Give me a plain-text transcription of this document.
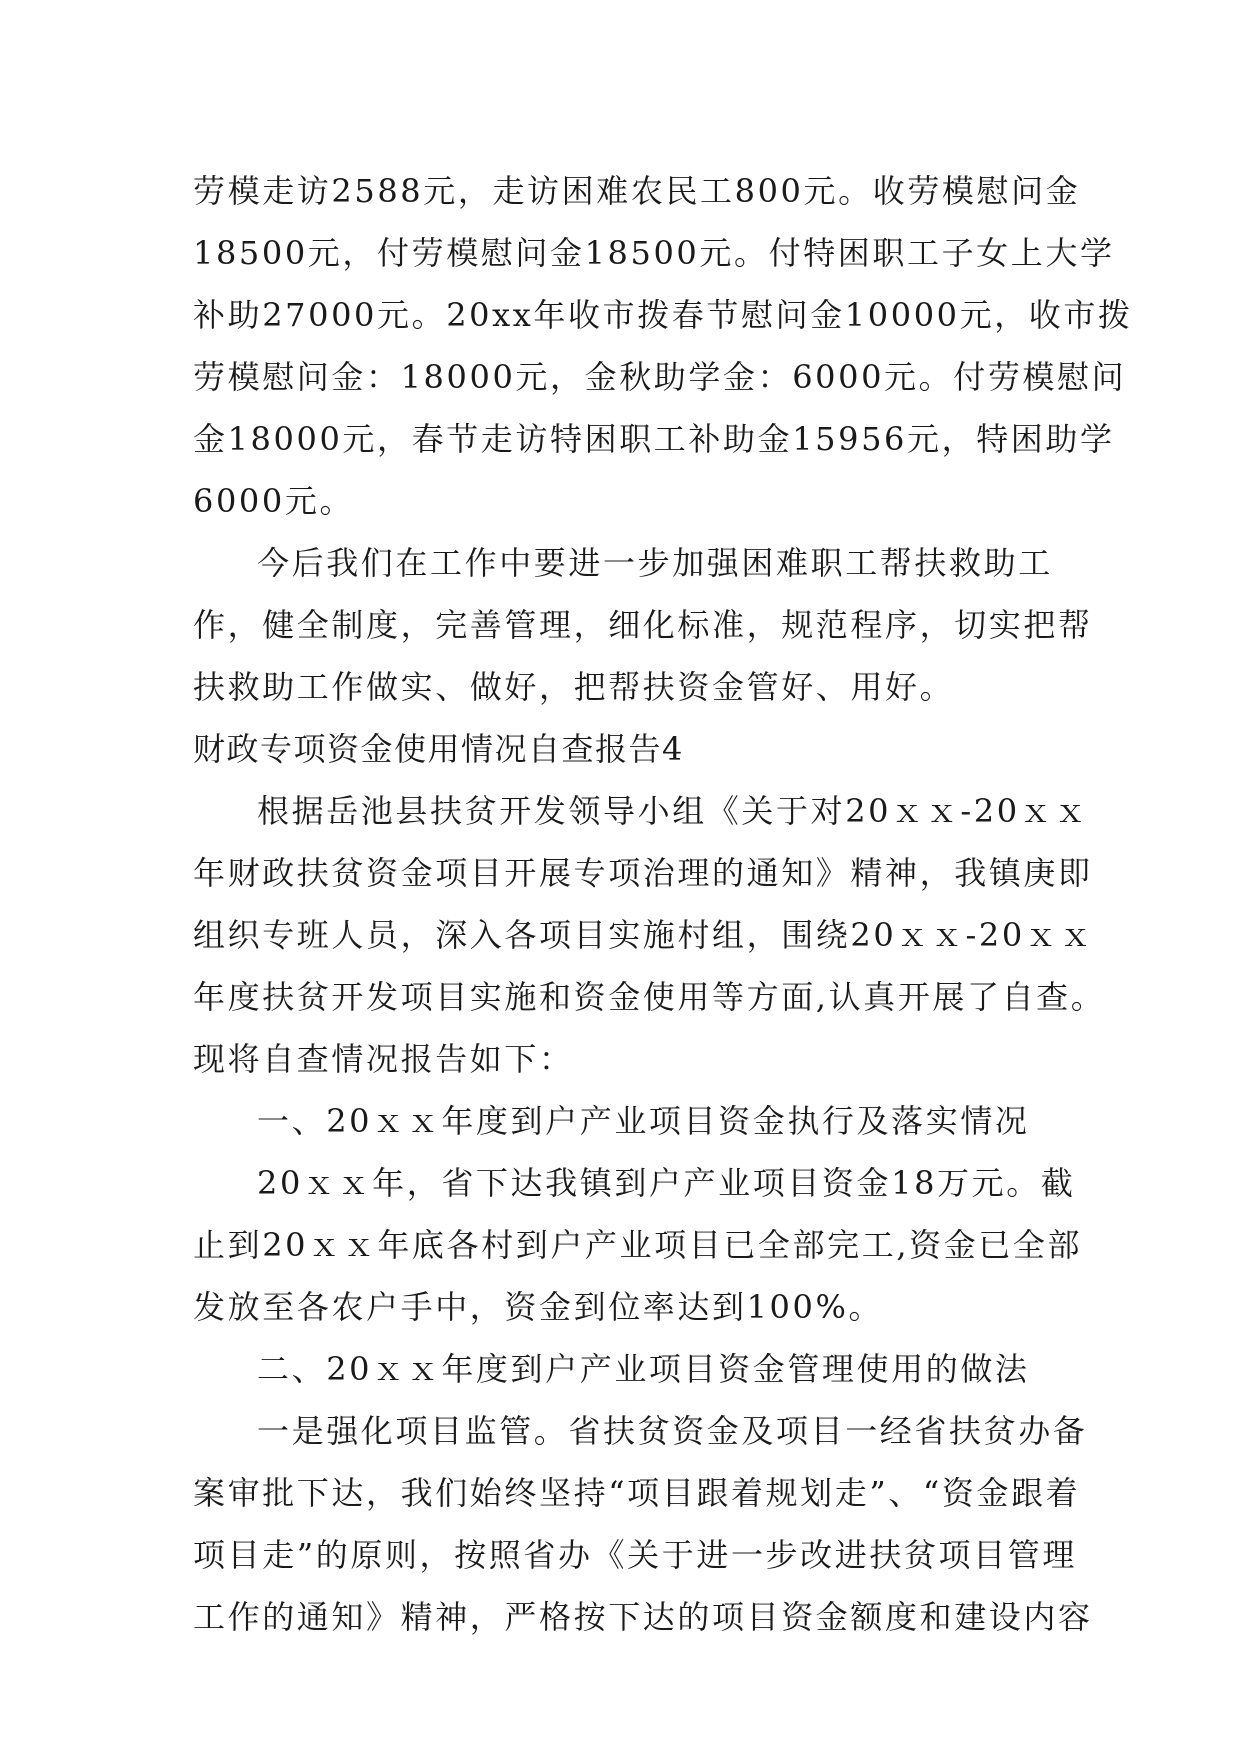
劳模走访2588元，走访困难农民工800元。收劳模慰问金
18500元，付劳模慰问金18500元。付特困职工子女上大学
补助27000元。20xx年收市拨春节慰问金10000元，收市拨
劳模慰问金：18000元，金秋助学金：6000元。付劳模慰问
金18000元，春节走访特困职工补助金15956元，特困助学
6000元。
今后我们在工作中要进一步加强困难职工帮扶救助工
作，健全制度，完善管理，细化标准，规范程序，切实把帮
扶救助工作做实、做好，把帮扶资金管好、用好。
财政专项资金使用情况自查报告4
根据岳池县扶贫开发领导小组《关于对20ｘｘ-20ｘｘ
年财政扶贫资金项目开展专项治理的通知》精神，我镇庚即
组织专班人员，深入各项目实施村组，围绕20ｘｘ-20ｘｘ
年度扶贫开发项目实施和资金使用等方面,认真开展了自查。
现将自查情况报告如下：
一、20ｘｘ年度到户产业项目资金执行及落实情况
20ｘｘ年，省下达我镇到户产业项目资金18万元。截
止到20ｘｘ年底各村到户产业项目已全部完工,资金已全部
发放至各农户手中，资金到位率达到100%。
二、20ｘｘ年度到户产业项目资金管理使用的做法
一是强化项目监管。省扶贫资金及项目一经省扶贫办备
案审批下达，我们始终坚持“项目跟着规划走”、“资金跟着
项目走”的原则，按照省办《关于进一步改进扶贫项目管理
工作的通知》精神，严格按下达的项目资金额度和建设内容
